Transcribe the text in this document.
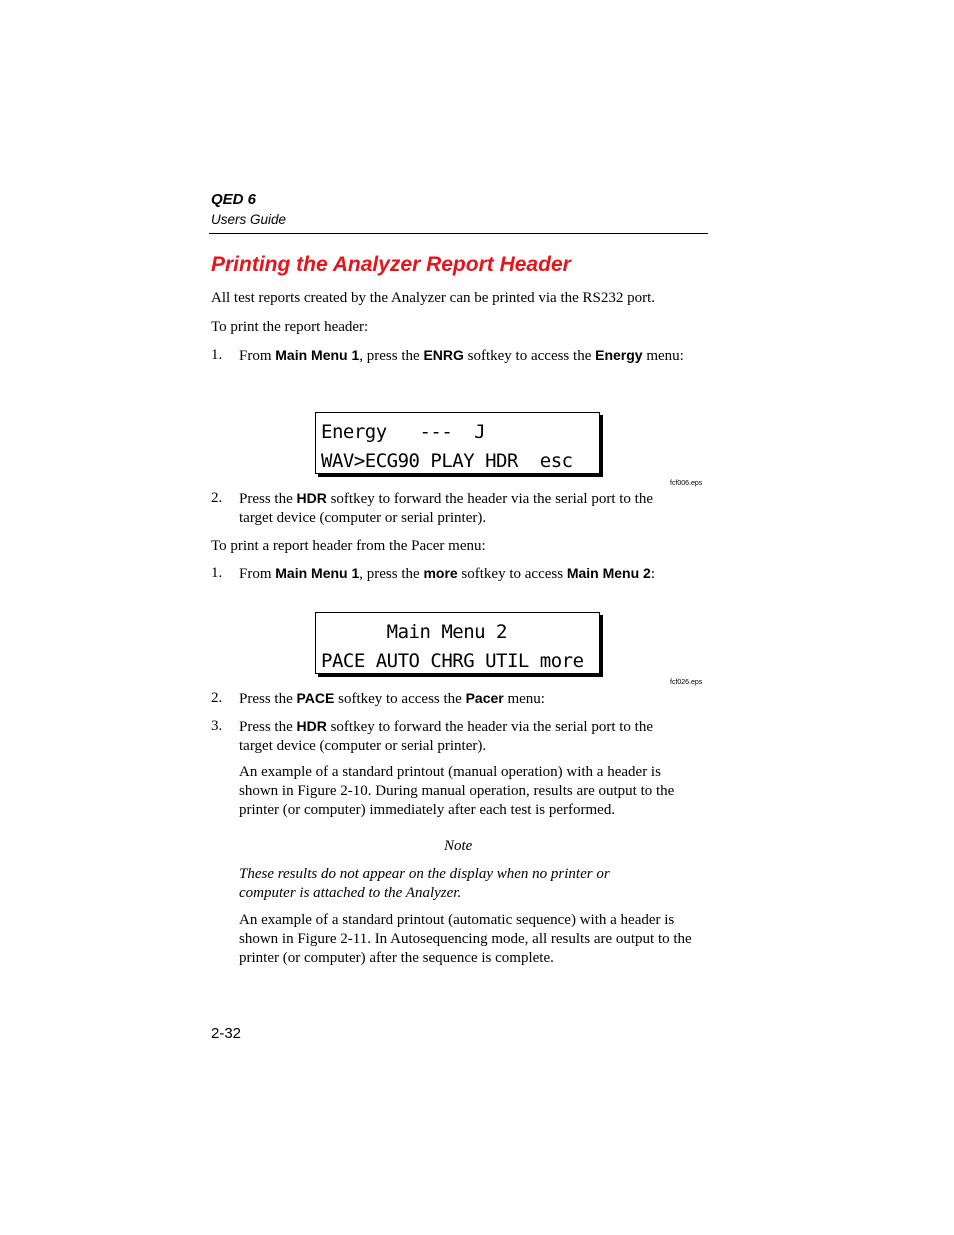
QED 6
Users Guide
Printing the Analyzer Report Header
All test reports created by the Analyzer can be printed via the RS232 port.
To print the report header:
1. From Main Menu 1, press the ENRG softkey to access the Energy menu:
Energy   ---  J
WAV>ECG90 PLAY HDR  esc
fcf006.eps
2. Press the HDR softkey to forward the header via the serial port to the target device (computer or serial printer).
To print a report header from the Pacer menu:
1. From Main Menu 1, press the more softkey to access Main Menu 2:
Main Menu 2
PACE AUTO CHRG UTIL more
fcf026.eps
2. Press the PACE softkey to access the Pacer menu:
3. Press the HDR softkey to forward the header via the serial port to the target device (computer or serial printer).
An example of a standard printout (manual operation) with a header is shown in Figure 2-10. During manual operation, results are output to the printer (or computer) immediately after each test is performed.
Note
These results do not appear on the display when no printer or computer is attached to the Analyzer.
An example of a standard printout (automatic sequence) with a header is shown in Figure 2-11. In Autosequencing mode, all results are output to the printer (or computer) after the sequence is complete.
2-32
